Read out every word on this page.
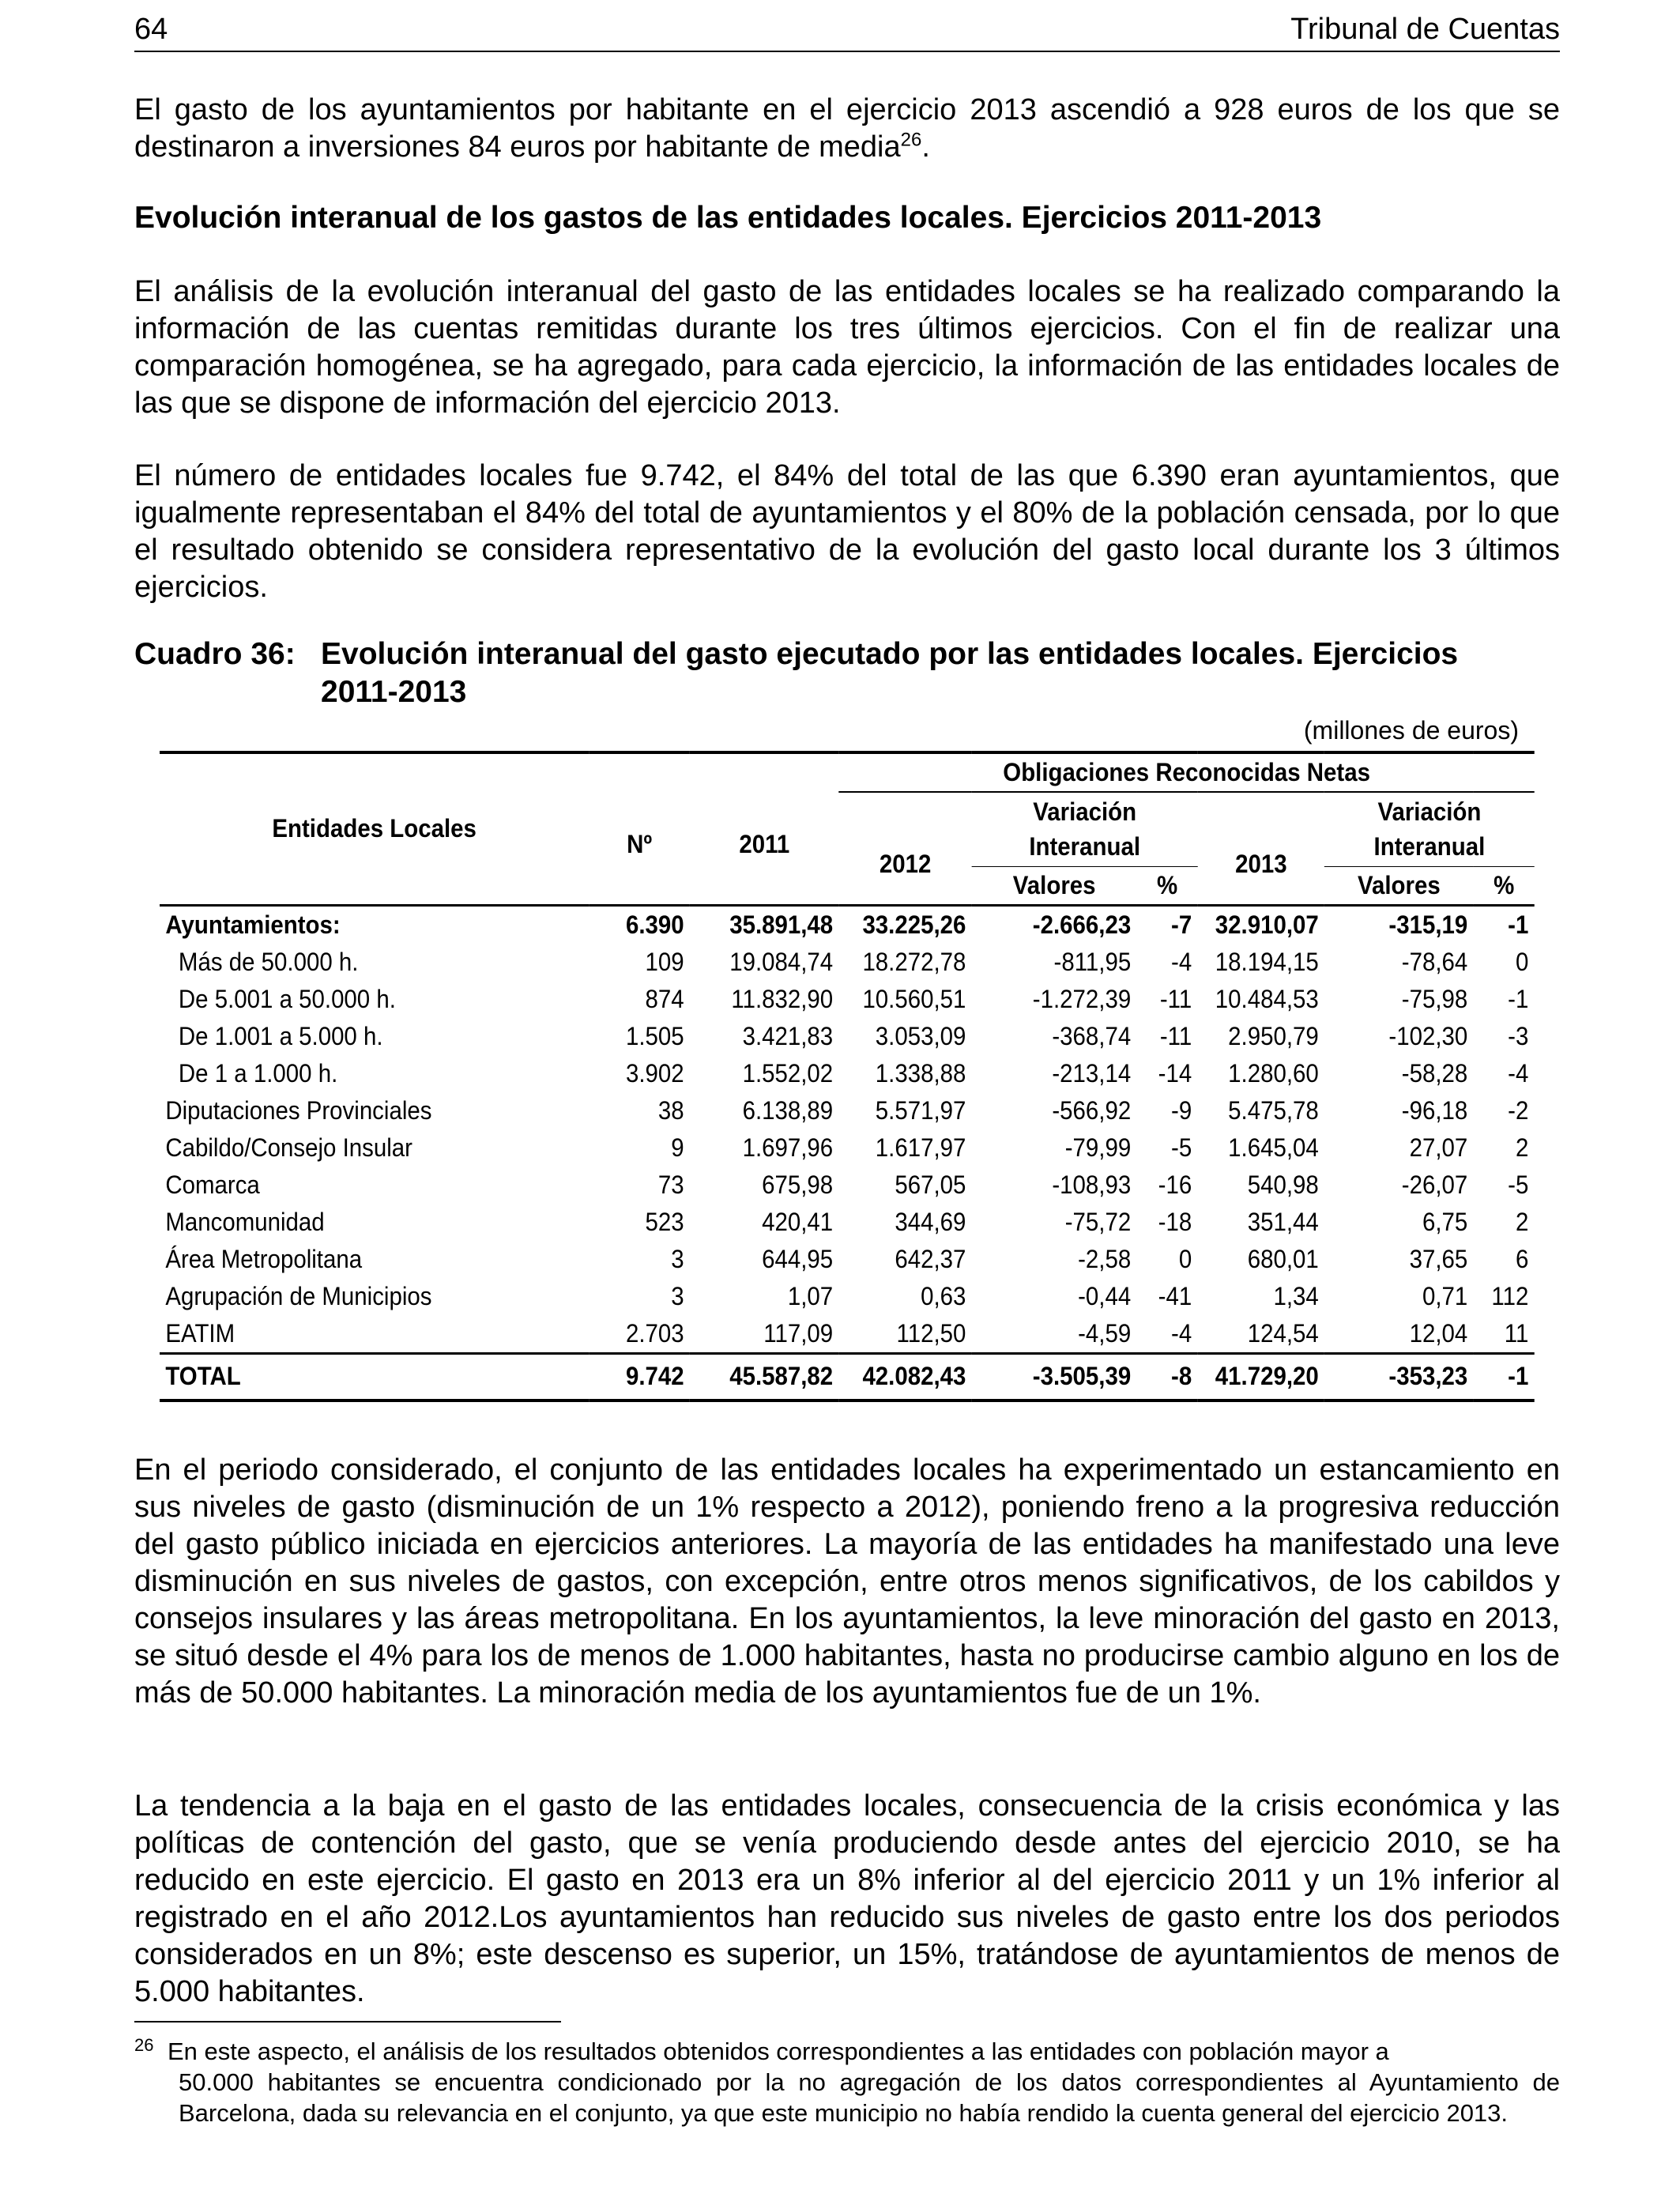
64	Tribunal de Cuentas

El gasto de los ayuntamientos por habitante en el ejercicio 2013 ascendió a 928 euros de los que se destinaron a inversiones 84 euros por habitante de media$^{26}$.

Evolución interanual de los gastos de las entidades locales. Ejercicios 2011-2013

El análisis de la evolución interanual del gasto de las entidades locales se ha realizado comparando la información de las cuentas remitidas durante los tres últimos ejercicios. Con el fin de realizar una comparación homogénea, se ha agregado, para cada ejercicio, la información de las entidades locales de las que se dispone de información del ejercicio 2013.

El número de entidades locales fue 9.742, el 84% del total de las que 6.390 eran ayuntamientos, que igualmente representaban el 84% del total de ayuntamientos y el 80% de la población censada, por lo que el resultado obtenido se considera representativo de la evolución del gasto local durante los 3 últimos ejercicios.

Cuadro 36: Evolución interanual del gasto ejecutado por las entidades locales. Ejercicios 2011-2013
(millones de euros)
Entidades Locales	Nº	2011	Obligaciones Reconocidas Netas					
			2012	Variación Interanual		2013	Variación Interanual	
				Valores	%		Valores	%
Ayuntamientos:	6.390	35.891,48	33.225,26	-2.666,23	-7	32.910,07	-315,19	-1
Más de 50.000 h.	109	19.084,74	18.272,78	-811,95	-4	18.194,15	-78,64	0
De 5.001 a 50.000 h.	874	11.832,90	10.560,51	-1.272,39	-11	10.484,53	-75,98	-1
De 1.001 a 5.000 h.	1.505	3.421,83	3.053,09	-368,74	-11	2.950,79	-102,30	-3
De 1 a 1.000 h.	3.902	1.552,02	1.338,88	-213,14	-14	1.280,60	-58,28	-4
Diputaciones Provinciales	38	6.138,89	5.571,97	-566,92	-9	5.475,78	-96,18	-2
Cabildo/Consejo Insular	9	1.697,96	1.617,97	-79,99	-5	1.645,04	27,07	2
Comarca	73	675,98	567,05	-108,93	-16	540,98	-26,07	-5
Mancomunidad	523	420,41	344,69	-75,72	-18	351,44	6,75	2
Área Metropolitana	3	644,95	642,37	-2,58	0	680,01	37,65	6
Agrupación de Municipios	3	1,07	0,63	-0,44	-41	1,34	0,71	112
EATIM	2.703	117,09	112,50	-4,59	-4	124,54	12,04	11
TOTAL	9.742	45.587,82	42.082,43	-3.505,39	-8	41.729,20	-353,23	-1

En el periodo considerado, el conjunto de las entidades locales ha experimentado un estancamiento en sus niveles de gasto (disminución de un 1% respecto a 2012), poniendo freno a la progresiva reducción del gasto público iniciada en ejercicios anteriores. La mayoría de las entidades ha manifestado una leve disminución en sus niveles de gastos, con excepción, entre otros menos significativos, de los cabildos y consejos insulares y las áreas metropolitana. En los ayuntamientos, la leve minoración del gasto en 2013, se situó desde el 4% para los de menos de 1.000 habitantes, hasta no producirse cambio alguno en los de más de 50.000 habitantes. La minoración media de los ayuntamientos fue de un 1%.

La tendencia a la baja en el gasto de las entidades locales, consecuencia de la crisis económica y las políticas de contención del gasto, que se venía produciendo desde antes del ejercicio 2010, se ha reducido en este ejercicio. El gasto en 2013 era un 8% inferior al del ejercicio 2011 y un 1% inferior al registrado en el año 2012.Los ayuntamientos han reducido sus niveles de gasto entre los dos periodos considerados en un 8%; este descenso es superior, un 15%, tratándose de ayuntamientos de menos de 5.000 habitantes.

26 En este aspecto, el análisis de los resultados obtenidos correspondientes a las entidades con población mayor a
50.000 habitantes se encuentra condicionado por la no agregación de los datos correspondientes al Ayuntamiento de Barcelona, dada su relevancia en el conjunto, ya que este municipio no había rendido la cuenta general del ejercicio 2013.
